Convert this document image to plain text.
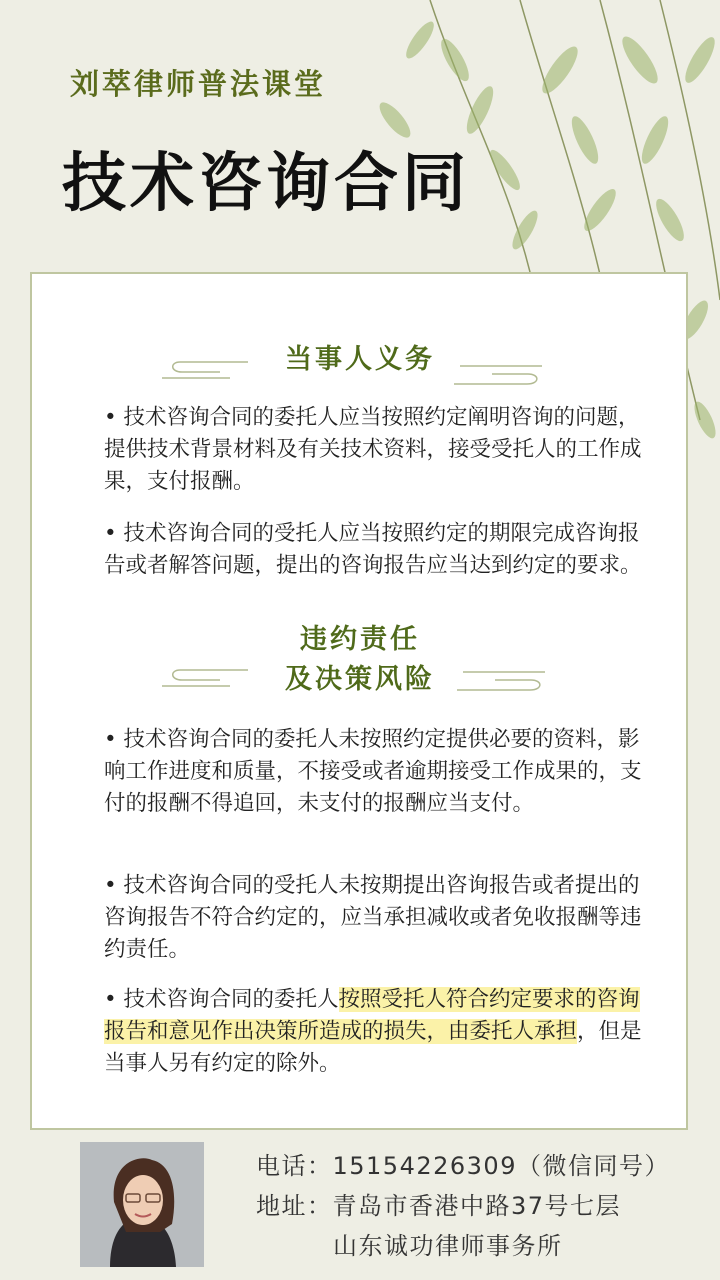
刘萃律师普法课堂
技术咨询合同
当事人义务

• 技术咨询合同的委托人应当按照约定阐明咨询的问题，提供技术背景材料及有关技术资料，接受受托人的工作成果，支付报酬。

• 技术咨询合同的受托人应当按照约定的期限完成咨询报告或者解答问题，提出的咨询报告应当达到约定的要求。

违约责任
及决策风险

• 技术咨询合同的委托人未按照约定提供必要的资料，影响工作进度和质量，不接受或者逾期接受工作成果的，支付的报酬不得追回，未支付的报酬应当支付。

• 技术咨询合同的受托人未按期提出咨询报告或者提出的咨询报告不符合约定的，应当承担减收或者免收报酬等违约责任。

• 技术咨询合同的委托人按照受托人符合约定要求的咨询报告和意见作出决策所造成的损失，由委托人承担，但是当事人另有约定的除外。

电话：15154226309（微信同号）
地址：青岛市香港中路37号七层
山东诚功律师事务所
